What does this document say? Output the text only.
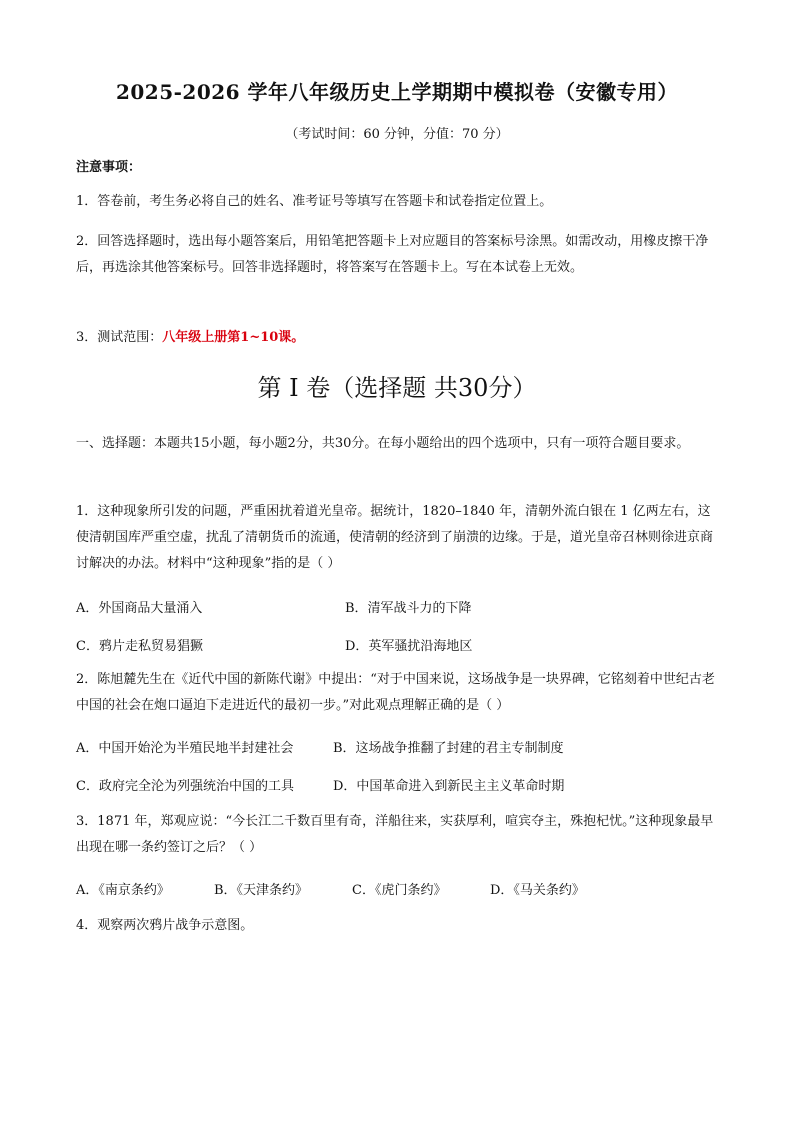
2025-2026 学年八年级历史上学期期中模拟卷（安徽专用）
（考试时间：60 分钟，分值：70 分）
注意事项：
1．答卷前，考生务必将自己的姓名、准考证号等填写在答题卡和试卷指定位置上。
2．回答选择题时，选出每小题答案后，用铅笔把答题卡上对应题目的答案标号涂黑。如需改动，用橡皮擦干净后，再选涂其他答案标号。回答非选择题时，将答案写在答题卡上。写在本试卷上无效。
3．测试范围：八年级上册第1~10课。
第 I 卷（选择题 共30分）
一、选择题：本题共15小题，每小题2分，共30分。在每小题给出的四个选项中，只有一项符合题目要求。
1．这种现象所引发的问题，严重困扰着道光皇帝。据统计，1820–1840 年，清朝外流白银在 1 亿两左右，这使清朝国库严重空虚，扰乱了清朝货币的流通，使清朝的经济到了崩溃的边缘。于是，道光皇帝召林则徐进京商讨解决的办法。材料中“这种现象”指的是（ ）
A．外国商品大量涌入	B．清军战斗力的下降
C．鸦片走私贸易猖獗	D．英军骚扰沿海地区
2．陈旭麓先生在《近代中国的新陈代谢》中提出：“对于中国来说，这场战争是一块界碑，它铭刻着中世纪古老中国的社会在炮口逼迫下走进近代的最初一步。”对此观点理解正确的是（ ）
A．中国开始沦为半殖民地半封建社会	B．这场战争推翻了封建的君主专制制度
C．政府完全沦为列强统治中国的工具	D．中国革命进入到新民主主义革命时期
3．1871 年，郑观应说：“今长江二千数百里有奇，洋船往来，实获厚利，喧宾夺主，殊抱杞忧。”这种现象最早出现在哪一条约签订之后？（ ）
A．《南京条约》	B．《天津条约》	C．《虎门条约》	D．《马关条约》
4．观察两次鸦片战争示意图。
